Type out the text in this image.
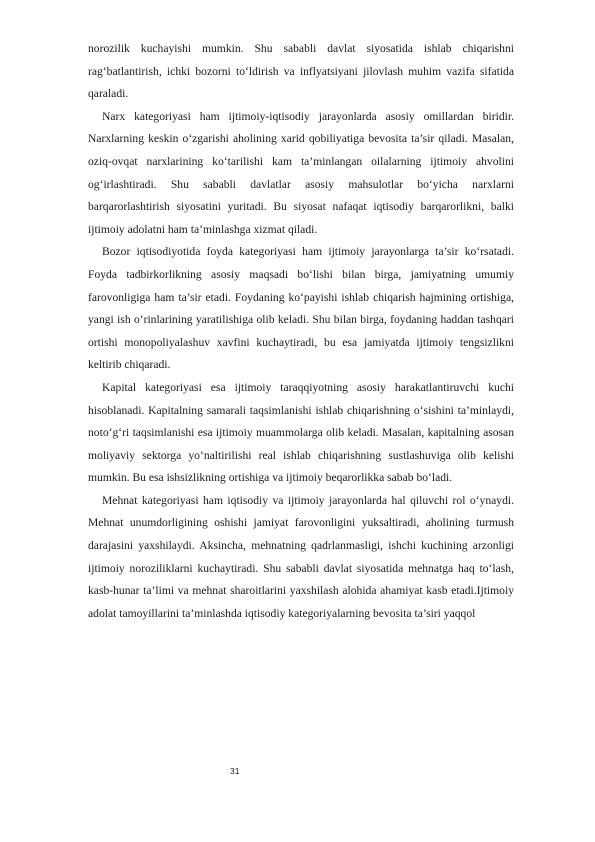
norozilik kuchayishi mumkin. Shu sababli davlat siyosatida ishlab chiqarishni rag‘batlantirish, ichki bozorni to‘ldirish va inflyatsiyani jilovlash muhim vazifa sifatida qaraladi.

Narx kategoriyasi ham ijtimoiy-iqtisodiy jarayonlarda asosiy omillardan biridir. Narxlarning keskin o‘zgarishi aholining xarid qobiliyatiga bevosita ta’sir qiladi. Masalan, oziq-ovqat narxlarining ko‘tarilishi kam ta’minlangan oilalarning ijtimoiy ahvolini og‘irlashtiradi. Shu sababli davlatlar asosiy mahsulotlar bo‘yicha narxlarni barqarorlashtirish siyosatini yuritadi. Bu siyosat nafaqat iqtisodiy barqarorlikni, balki ijtimoiy adolatni ham ta’minlashga xizmat qiladi.

Bozor iqtisodiyotida foyda kategoriyasi ham ijtimoiy jarayonlarga ta’sir ko‘rsatadi. Foyda tadbirkorlikning asosiy maqsadi bo‘lishi bilan birga, jamiyatning umumiy farovonligiga ham ta’sir etadi. Foydaning ko‘payishi ishlab chiqarish hajmining ortishiga, yangi ish o‘rinlarining yaratilishiga olib keladi. Shu bilan birga, foydaning haddan tashqari ortishi monopoliyalashuv xavfini kuchaytiradi, bu esa jamiyatda ijtimoiy tengsizlikni keltirib chiqaradi.

Kapital kategoriyasi esa ijtimoiy taraqqiyotning asosiy harakatlantiruvchi kuchi hisoblanadi. Kapitalning samarali taqsimlanishi ishlab chiqarishning o‘sishini ta’minlaydi, noto‘g‘ri taqsimlanishi esa ijtimoiy muammolarga olib keladi. Masalan, kapitalning asosan moliyaviy sektorga yo‘naltirilishi real ishlab chiqarishning sustlashuviga olib kelishi mumkin. Bu esa ishsizlikning ortishiga va ijtimoiy beqarorlikka sabab bo‘ladi.

Mehnat kategoriyasi ham iqtisodiy va ijtimoiy jarayonlarda hal qiluvchi rol o‘ynaydi. Mehnat unumdorligining oshishi jamiyat farovonligini yuksaltiradi, aholining turmush darajasini yaxshilaydi. Aksincha, mehnatning qadrlanmasligi, ishchi kuchining arzonligi ijtimoiy noroziliklarni kuchaytiradi. Shu sababli davlat siyosatida mehnatga haq to‘lash, kasb-hunar ta’limi va mehnat sharoitlarini yaxshilash alohida ahamiyat kasb etadi.Ijtimoiy adolat tamoyillarini ta’minlashda iqtisodiy kategoriyalarning bevosita ta’siri yaqqol

31
